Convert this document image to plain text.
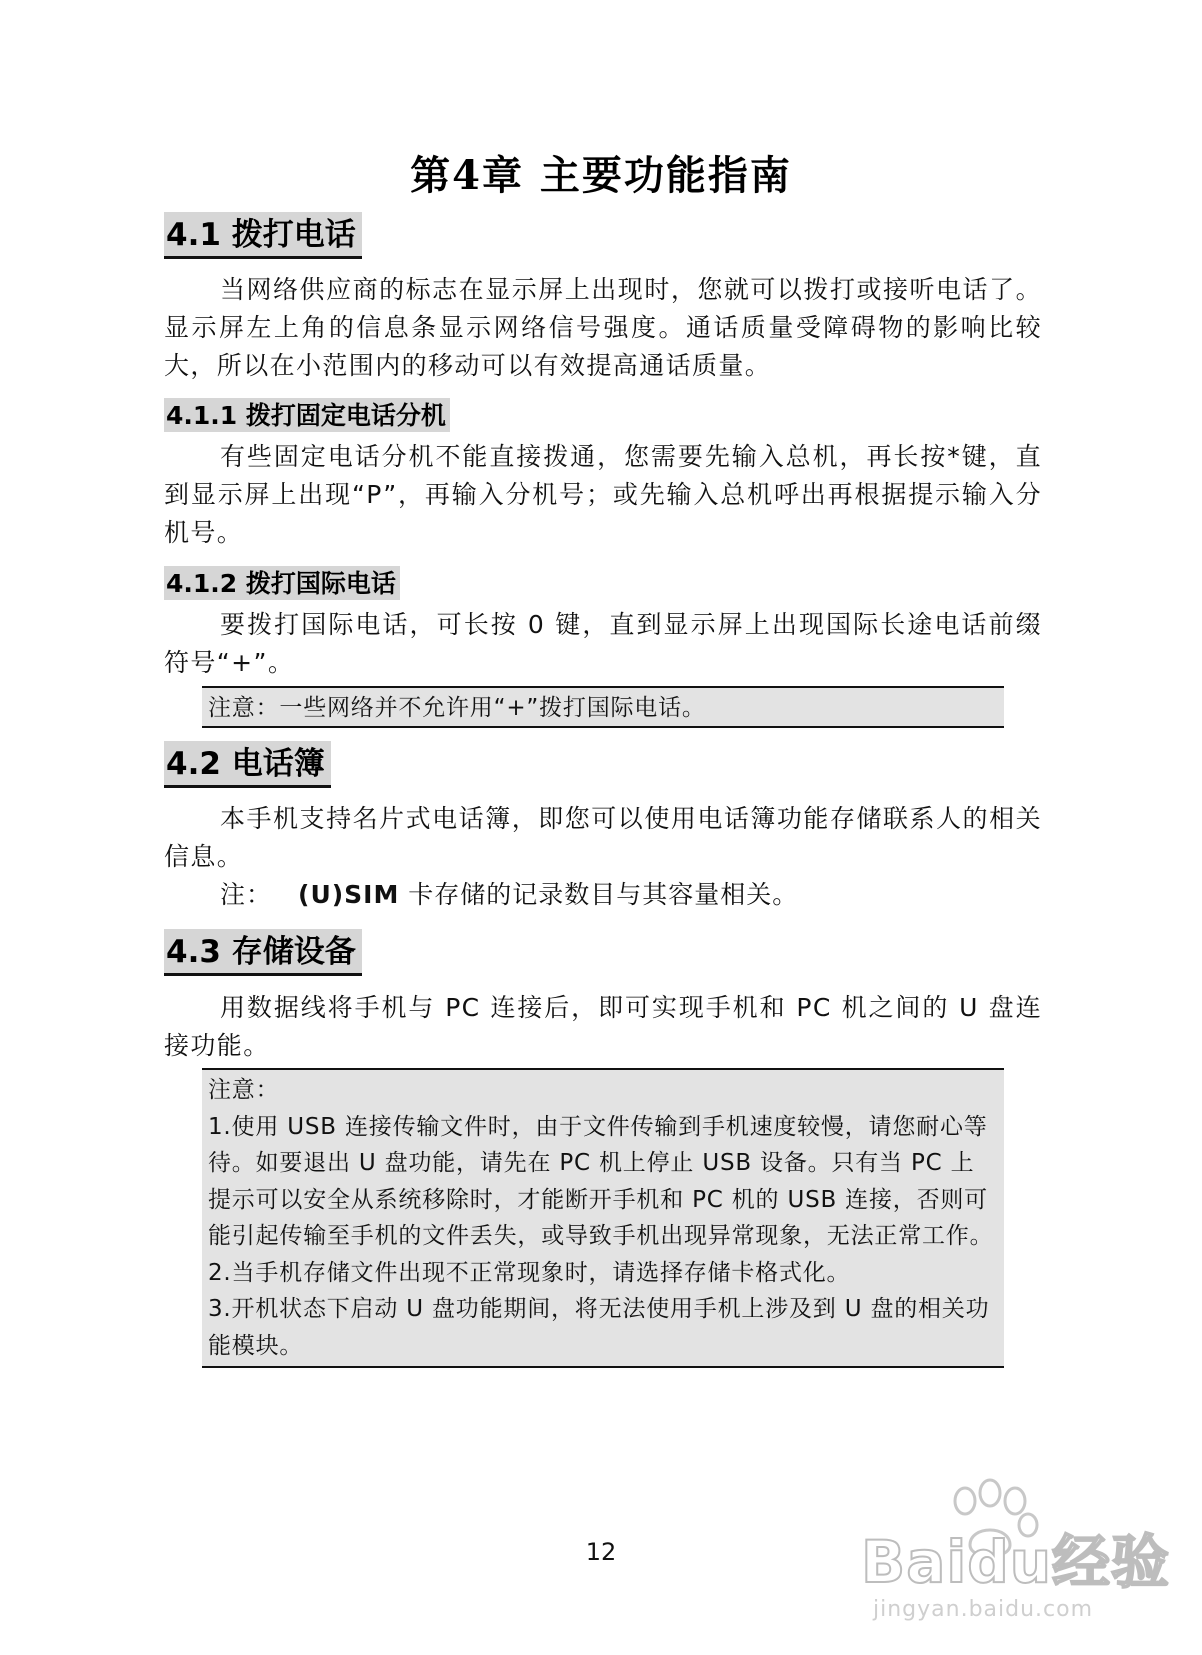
第4章 主要功能指南
4.1 拨打电话
当网络供应商的标志在显示屏上出现时，您就可以拨打或接听电话了。显示屏左上角的信息条显示网络信号强度。通话质量受障碍物的影响比较大，所以在小范围内的移动可以有效提高通话质量。
4.1.1 拨打固定电话分机
有些固定电话分机不能直接拨通，您需要先输入总机，再长按*键，直到显示屏上出现“P”，再输入分机号；或先输入总机呼出再根据提示输入分机号。
4.1.2 拨打国际电话
要拨打国际电话，可长按 0 键，直到显示屏上出现国际长途电话前缀符号“+”。

注意：一些网络并不允许用“+”拨打国际电话。

4.2 电话簿
本手机支持名片式电话簿，即您可以使用电话簿功能存储联系人的相关信息。
注： (U)SIM 卡存储的记录数目与其容量相关。
4.3 存储设备
用数据线将手机与 PC 连接后，即可实现手机和 PC 机之间的 U 盘连接功能。

注意：

1.使用 USB 连接传输文件时，由于文件传输到手机速度较慢，请您耐心等待。如要退出 U 盘功能，请先在 PC 机上停止 USB 设备。只有当 PC 上提示可以安全从系统移除时，才能断开手机和 PC 机的 USB 连接，否则可能引起传输至手机的文件丢失，或导致手机出现异常现象，无法正常工作。

2.当手机存储文件出现不正常现象时，请选择存储卡格式化。

3.开机状态下启动 U 盘功能期间，将无法使用手机上涉及到 U 盘的相关功能模块。

12	Baidu经验
jingyan.baidu.com
